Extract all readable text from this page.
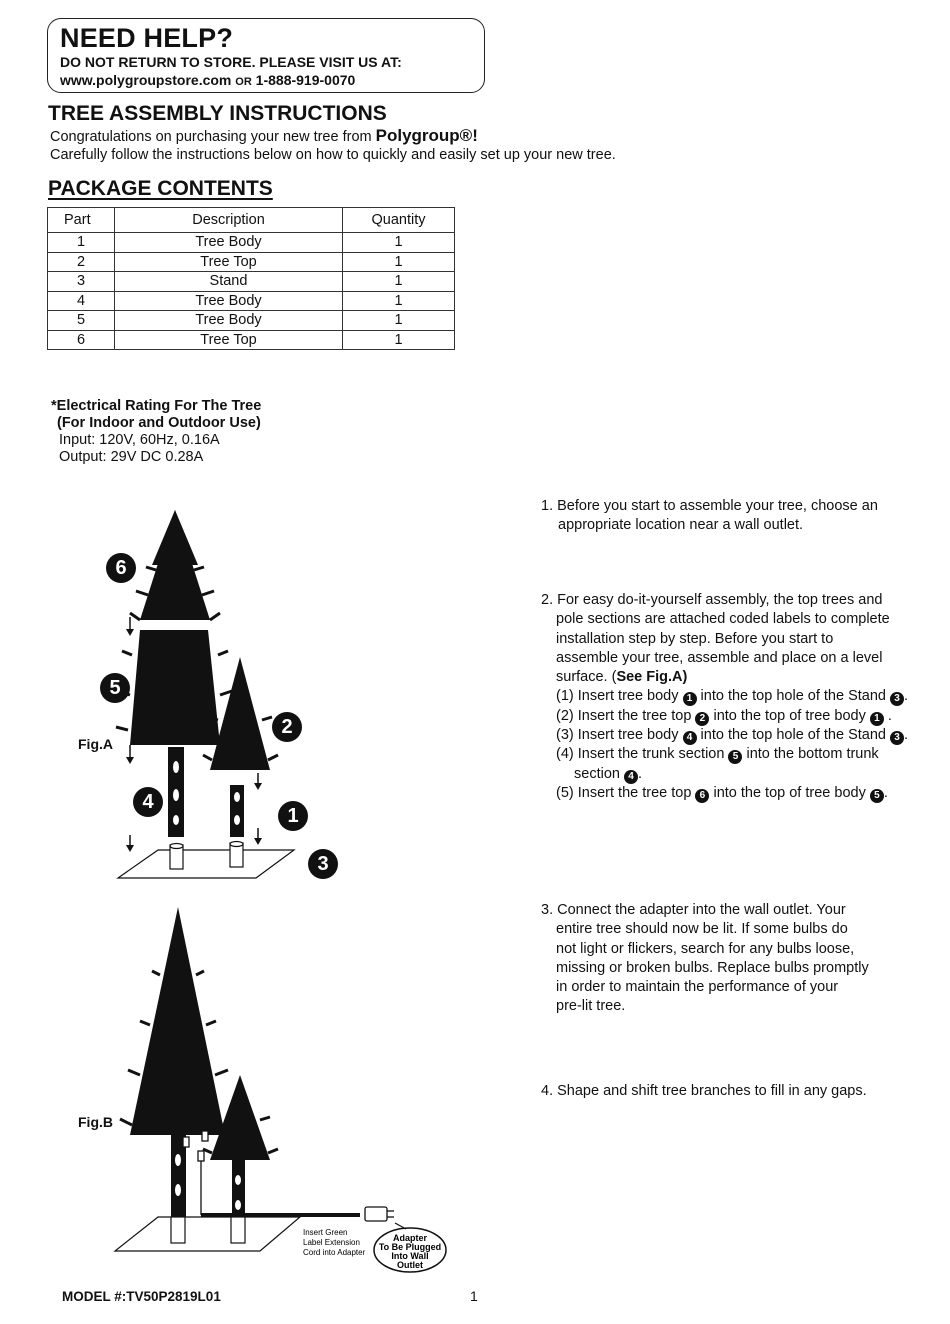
NEED HELP?
DO NOT RETURN TO STORE. PLEASE VISIT US AT:
www.polygroupstore.com OR 1-888-919-0070
TREE ASSEMBLY INSTRUCTIONS
Congratulations on purchasing your new tree from Polygroup®!
Carefully follow the instructions below on how to quickly and easily set up your new tree.
PACKAGE CONTENTS
Part	Description	Quantity
1	Tree Body	1
2	Tree Top	1
3	Stand	1
4	Tree Body	1
5	Tree Body	1
6	Tree Top	1
*Electrical Rating For The Tree
(For Indoor and Outdoor Use)
Input: 120V, 60Hz, 0.16A
Output: 29V DC 0.28A
1. Before you start to assemble your tree, choose an
appropriate location near a wall outlet.
2. For easy do-it-yourself assembly, the top trees and
pole sections are attached coded labels to complete
installation step by step. Before you start to
assemble your tree, assemble and place on a level
surface. (See Fig.A)
(1) Insert tree body 1 into the top hole of the Stand 3 .
(2) Insert the tree top 2 into the top of tree body 1 .
(3) Insert tree body 4 into the top hole of the Stand 3 .
(4) Insert the trunk section 5 into the bottom trunk
section 4 .
(5) Insert the tree top 6 into the top of tree body 5 .
3. Connect the adapter into the wall outlet. Your
entire tree should now be lit. If some bulbs do
not light or flickers, search for any bulbs loose,
missing or broken bulbs. Replace bulbs promptly
in order to maintain the performance of your
pre-lit tree.
4. Shape and shift tree branches to fill in any gaps.
6
5
2
4
1
3
Fig.A
Insert Green
Label Extension
Cord into Adapter
Adapter
To Be Plugged
Into Wall
Outlet
Fig.B
MODEL #:TV50P2819L01	1
